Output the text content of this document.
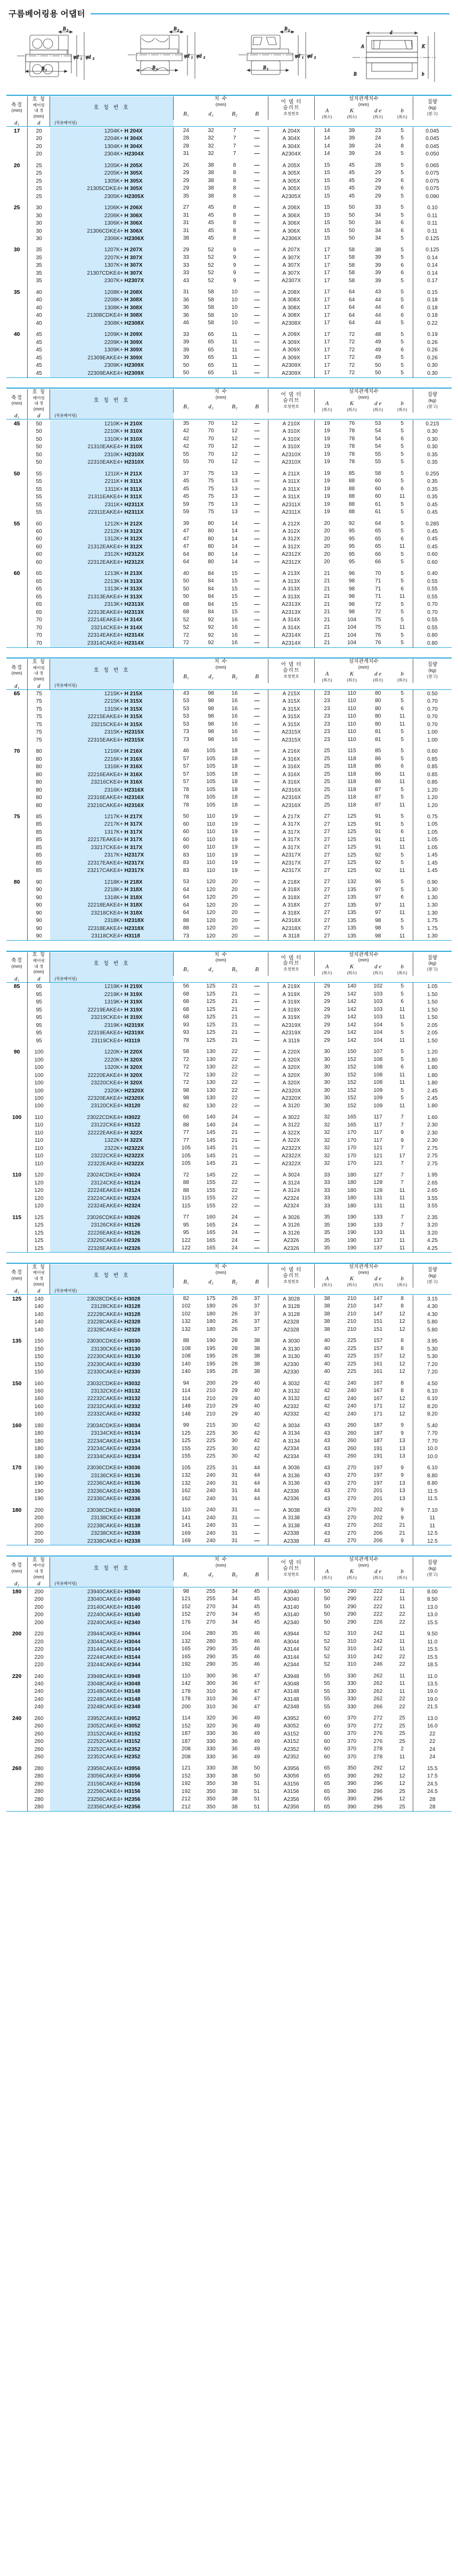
구름베어링용 어댑터
B 2
B 1
φd 1 φd 2
B 2
B 1
φd 1 φd 2
B 2
B 1
φd 1 φd 2
d
A	K
b
B

축경
(mm)	호 칭
베어링
내 경
(mm)	호 칭 번 호		치 수
(mm)				어 댑 터
슬리브
호칭번호	설치관계치수
(mm)				질량
(kg)
(참고)
				B₁	d₂	B₂	B		A
(최소)	K
(최소)	d e
(최소)	b
(최소)	

d₁	d	(적용베어링)											

17	20	1204K	+ H 204X	24	32	7	—	A 204X	14	39	23	5	0.045
	20	2204K	+ H 304X	28	32	7	—	A 304X	14	39	24	5	0.045
	20	1304K	+ H 304X	28	32	7	—	A 304X	14	39	24	8	0.045
	20	2304K	+ H2304X	31	32	7	—	A2304X	14	39	24	5	0.050

20	25	1205K	+ H 205X	26	38	8	—	A 205X	15	45	28	5	0.065
	25	2205K	+ H 305X	29	38	8	—	A 305X	15	45	29	5	0.075
	25	1305K	+ H 305X	29	38	8	—	A 305X	15	45	29	6	0.075
	25	21305CDKE4	+ H 305X	29	38	8	—	A 305X	15	45	29	6	0.075
	25	2305K	+ H2305X	35	38	8	—	A2305X	15	45	29	5	0.090

25	30	1206K	+ H 206X	27	45	8	—	A 206X	15	50	33	5	0.10
	30	2206K	+ H 306X	31	45	8	—	A 306X	15	50	34	5	0.11
	30	1306K	+ H 306X	31	45	8	—	A 306X	15	50	34	6	0.11
	30	21306CDKE4	+ H 306X	31	45	8	—	A 306X	15	50	34	6	0.11
	30	2306K	+ H2306X	38	45	8	—	A2306X	15	50	34	5	0.125

30	35	1207K	+ H 207X	29	52	9	—	A 207X	17	58	38	5	0.125
	35	2207K	+ H 307X	33	52	9	—	A 307X	17	58	39	5	0.14
	35	1307K	+ H 307X	33	52	9	—	A 307X	17	58	39	6	0.14
	35	21307CDKE4	+ H 307X	33	52	9	—	A 307X	17	58	39	6	0.14
	35	2307K	+ H2307X	43	52	9	—	A2307X	17	58	39	5	0.17

35	40	1208K	+ H 208X	31	58	10	—	A 208X	17	64	43	5	0.15
	40	2208K	+ H 308X	36	58	10	—	A 308X	17	64	44	5	0.18
	40	1308K	+ H 308X	36	58	10	—	A 308X	17	64	44	6	0.18
	40	21308CDKE4	+ H 308X	36	58	10	—	A 308X	17	64	44	6	0.18
	40	2308K	+ H2308X	46	58	10	—	A2308X	17	64	44	5	0.22

40	45	1209K	+ H 209X	33	65	11	—	A 209X	17	72	48	5	0.19
	45	2209K	+ H 309X	39	65	11	—	A 309X	17	72	49	5	0.26
	45	1309K	+ H 309X	39	65	11	—	A 309X	17	72	49	6	0.26
	45	21309EAKE4	+ H 309X	39	65	11	—	A 309X	17	72	49	5	0.26
	45	2309K	+ H2309X	50	65	11	—	A2309X	17	72	50	5	0.30
	45	22309EAKE4	+ H2309X	50	65	11	—	A2309X	17	72	50	5	0.30

축경
(mm)	호 칭
베어링
내 경
(mm)	호 칭 번 호		치 수
(mm)				어 댑 터
슬리브
호칭번호	설치관계치수
(mm)				질량
(kg)
(참고)
				B₁	d₂	B₂	B		A
(최소)	K
(최소)	d e
(최소)	b
(최소)	

d₁	d	(적용베어링)											

45	50	1210K	+ H 210X	35	70	12	—	A 210X	19	76	53	5	0.215
	50	2210K	+ H 310X	42	70	12	—	A 310X	19	78	54	5	0.30
	50	1310K	+ H 310X	42	70	12	—	A 310X	19	78	54	6	0.30
	50	21310EAKE4	+ H 310X	42	70	12	—	A 310X	19	78	54	5	0.30
	50	2310K	+ H2310X	55	70	12	—	A2310X	19	78	55	5	0.35
	50	22310EAKE4	+ H2310X	55	70	12	—	A2310X	19	78	55	5	0.35

50	55	1211K	+ H 211X	37	75	13	—	A 211X	19	85	58	5	0.255
	55	2211K	+ H 311X	45	75	13	—	A 311X	19	88	60	5	0.35
	55	1311K	+ H 311X	45	75	13	—	A 311X	19	88	60	6	0.35
	55	21311EAKE4	+ H 311X	45	75	13	—	A 311X	19	88	60	11	0.35
	55	2311K	+ H2311X	59	75	13	—	A2311X	19	88	61	5	0.45
	55	22311EAKE4	+ H2311X	59	75	13	—	A2311X	19	88	61	5	0.45

55	60	1212K	+ H 212X	39	80	14	—	A 212X	20	92	64	5	0.285
	60	2212K	+ H 312X	47	80	14	—	A 312X	20	95	65	5	0.45
	60	1312K	+ H 312X	47	80	14	—	A 312X	20	95	65	6	0.45
	60	21312EAKE4	+ H 312X	47	80	14	—	A 312X	20	95	65	11	0.45
	60	2312K	+ H2312X	64	80	14	—	A2312X	20	95	66	5	0.60
	60	22312EAKE4	+ H2312X	64	80	14	—	A2312X	20	95	66	5	0.60

60	65	1213K	+ H 213X	40	84	15	—	A 213X	21	96	70	5	0.40
	65	2213K	+ H 313X	50	84	15	—	A 313X	21	98	71	5	0.55
	65	1313K	+ H 313X	50	84	15	—	A 313X	21	98	71	6	0.55
	65	21313EAKE4	+ H 313X	50	84	15	—	A 313X	21	98	71	11	0.55
	65	2313K	+ H2313X	68	84	15	—	A2313X	21	98	72	5	0.70
	65	22313EAKE4	+ H2313X	68	84	15	—	A2313X	21	98	72	5	0.70
	70	22214EAKE4	+ H 314X	52	92	16	—	A 314X	21	104	75	5	0.55
	70	23214CKE4	+ H 314X	52	92	16	—	A 314X	21	104	75	11	0.55
	70	22314EAKE4	+ H2314X	72	92	16	—	A2314X	21	104	76	5	0.80
	70	23314CAKE4	+ H2314X	72	92	16	—	A2314X	21	104	76	5	0.80

축경
(mm)	호 칭
베어링
내 경
(mm)	호 칭 번 호		치 수
(mm)				어 댑 터
슬리브
호칭번호	설치관계치수
(mm)				질량
(kg)
(참고)
				B₁	d₂	B₂	B		A
(최소)	K
(최소)	d e
(최소)	b
(최소)	

d₁	d	(적용베어링)											

65	75	1215K	+ H 215X	43	98	16	—	A 215X	23	110	80	5	0.50
	75	2215K	+ H 315X	53	98	16	—	A 315X	23	110	80	5	0.70
	75	1315K	+ H 315X	53	98	16	—	A 315X	23	110	80	6	0.70
	75	22215EAKE4	+ H 315X	53	98	16	—	A 315X	23	110	80	11	0.70
	75	23215CKE4	+ H 315X	53	98	16	—	A 315X	23	110	80	11	0.70
	75	2315K	+ H2315X	73	98	16	—	A2315X	23	110	81	5	1.00
	75	22315EAKE4	+ H2315X	73	98	16	—	A2315X	23	110	81	5	1.00

70	80	1216K	+ H 216X	46	105	18	—	A 216X	25	115	85	5	0.60
	80	2216K	+ H 316X	57	105	18	—	A 316X	25	118	86	5	0.85
	80	1316K	+ H 316X	57	105	18	—	A 316X	25	118	86	6	0.85
	80	22216EAKE4	+ H 316X	57	105	18	—	A 316X	25	118	86	11	0.85
	80	23216CKE4	+ H 316X	57	105	18	—	A 316X	25	118	86	11	0.85
	80	2316K	+ H2316X	78	105	18	—	A2316X	25	118	87	5	1.20
	80	22316EAKE4	+ H2316X	78	105	18	—	A2316X	25	118	87	5	1.20
	80	23216CAKE4	+ H2316X	78	105	18	—	A2316X	25	118	87	11	1.20

75	85	1217K	+ H 217X	50	110	19	—	A 217X	27	125	91	5	0.75
	85	2217K	+ H 317X	60	110	19	—	A 317X	27	125	91	5	1.05
	85	1317K	+ H 317X	60	110	19	—	A 317X	27	125	91	6	1.05
	85	22217EAKE4	+ H 317X	60	110	19	—	A 317X	27	125	91	11	1.05
	85	23217CKE4	+ H 317X	60	110	19	—	A 317X	27	125	91	11	1.05
	85	2317K	+ H2317X	83	110	19	—	A2317X	27	125	92	5	1.45
	85	22317EAKE4	+ H2317X	83	110	19	—	A2317X	27	125	92	5	1.45
	85	23217CAKE4	+ H2317X	83	110	19	—	A2317X	27	125	92	11	1.45

80	90	1218K	+ H 218X	53	120	20	—	A 218X	27	132	96	5	0.90
	90	2218K	+ H 318X	64	120	20	—	A 318X	27	135	97	5	1.30
	90	1318K	+ H 318X	64	120	20	—	A 318X	27	135	97	6	1.30
	90	22218EAKE4	+ H 318X	64	120	20	—	A 318X	27	135	97	11	1.30
	90	23218CKE4	+ H 318X	64	120	20	—	A 318X	27	135	97	11	1.30
	90	2318K	+ H2318X	88	120	20	—	A2318X	27	135	98	5	1.75
	90	22318EAKE4	+ H2318X	88	120	20	—	A2318X	27	135	98	5	1.75
	90	23118CKE4	+ H3118	73	120	20	—	A 3118	27	135	98	11	1.30

축경
(mm)	호 칭
베어링
내 경
(mm)	호 칭 번 호		치 수
(mm)				어 댑 터
슬리브
호칭번호	설치관계치수
(mm)				질량
(kg)
(참고)
				B₁	d₂	B₂	B		A
(최소)	K
(최소)	d e
(최소)	b
(최소)	

d₁	d	(적용베어링)											

85	95	1219K	+ H 219X	56	125	21	—	A 219X	29	140	102	5	1.05
	95	2219K	+ H 319X	68	125	21	—	A 319X	29	142	103	5	1.50
	95	1319K	+ H 319X	68	125	21	—	A 319X	29	142	103	6	1.50
	95	22219EAKE4	+ H 319X	68	125	21	—	A 319X	29	142	103	11	1.50
	95	23219CKE4	+ H 319X	68	125	21	—	A 319X	29	142	103	11	1.50
	95	2319K	+ H2319X	93	125	21	—	A2319X	29	142	104	5	2.05
	95	22319EAKE4	+ H2319X	93	125	21	—	A2319X	29	142	104	5	2.05
	95	23119CKE4	+ H3119	78	125	21	—	A 3119	29	142	104	11	1.50

90	100	1220K	+ H 220X	58	130	22	—	A 220X	30	150	107	5	1.20
	100	2220K	+ H 320X	72	130	22	—	A 320X	30	152	108	5	1.80
	100	1320K	+ H 320X	72	130	22	—	A 320X	30	152	108	6	1.80
	100	22220EAKE4	+ H 320X	72	130	22	—	A 320X	30	152	108	11	1.80
	100	23220CKE4	+ H 320X	72	130	22	—	A 320X	30	152	108	11	1.80
	100	2320K	+ H2320X	98	130	22	—	A2320X	30	152	109	5	2.45
	100	22320EAKE4	+ H2320X	98	130	22	—	A2320X	30	152	109	5	2.45
	100	23120CKE4	+ H3120	82	130	22	—	A 3120	30	152	109	11	1.80

100	110	23022CDKE4	+ H3022	66	140	24	—	A 3022	32	165	117	7	1.60
	110	23122CKE4	+ H3122	88	140	24	—	A 3122	32	165	117	7	2.30
	110	22222EAKE4	+ H 322X	77	145	21	—	A 322X	32	170	117	9	2.30
	110	1322K	+ H 322X	77	145	21	—	A 322X	32	170	117	9	2.30
	110	2322K	+ H2322X	105	145	21	—	A2322X	32	170	121	7	2.75
	110	23222CKE4	+ H2322X	105	145	21	—	A2322X	32	170	121	17	2.75
	110	22322EAKE4	+ H2322X	105	145	21	—	A2322X	32	170	121	7	2.75

110	120	23024CDKE4	+ H3024	72	145	22	—	A 3024	33	180	127	7	1.95
	120	23124CKE4	+ H3124	88	155	22	—	A 3124	33	180	128	7	2.65
	120	22224EAKE4	+ H3124	88	155	22	—	A 3124	33	180	128	11	2.65
	120	23224CAKE4	+ H2324	115	155	22	—	A2324	33	180	131	11	3.55
	120	22324EAKE4	+ H2324	115	155	22	—	A2324	33	180	131	11	3.55

115	125	23026CDKE4	+ H3026	77	160	24	—	A 3026	35	190	133	7	2.35
	125	23126CKE4	+ H3126	95	165	24	—	A 3126	35	190	133	7	3.20
	125	22226EAKE4	+ H3126	95	165	24	—	A 3126	35	190	133	11	3.20
	125	23226CAKE4	+ H2326	122	165	24	—	A2326	35	190	137	11	4.25
	125	22326EAKE4	+ H2326	122	165	24	—	A2326	35	190	137	11	4.25

축경
(mm)	호 칭
베어링
내 경
(mm)	호 칭 번 호		치 수
(mm)				어 댑 터
슬리브
호칭번호	설치관계치수
(mm)				질량
(kg)
(참고)
				B₁	d₂	B₂	B		A
(최소)	K
(최소)	d e
(최소)	b
(최소)	

d₁	d	(적용베어링)											

125	140	23028CDKE4	+ H3028	82	175	26	37	A 3028	38	210	147	8	3.15
	140	23128CKE4	+ H3128	102	180	26	37	A 3128	38	210	147	8	4.30
	140	22228CAKE4	+ H3128	102	180	26	37	A 3128	38	210	147	12	4.30
	140	23228CAKE4	+ H2328	132	180	26	37	A2328	38	210	151	12	5.80
	140	22328CAKE4	+ H2328	132	180	26	37	A2328	38	210	151	12	5.80

135	150	23030CDKE4	+ H3030	88	190	28	38	A 3030	40	225	157	8	3.95
	150	23130CKE4	+ H3130	108	195	28	38	A 3130	40	225	157	8	5.30
	150	22230CAKE4	+ H3130	108	195	28	38	A 3130	40	225	157	12	5.30
	150	23230CAKE4	+ H2330	140	195	28	38	A2330	40	225	161	12	7.20
	150	22330CAKE4	+ H2330	140	195	28	38	A2330	40	225	161	12	7.20

150	160	23032CDKE4	+ H3032	94	200	29	40	A 3032	42	240	167	8	4.50
	160	23132CKE4	+ H3132	114	210	29	40	A 3132	42	240	167	8	6.10
	160	22232CAKE4	+ H3132	114	210	29	40	A 3132	42	240	167	12	6.10
	160	23232CAKE4	+ H2332	148	210	29	40	A2332	42	240	171	12	8.20
	160	22332CAKE4	+ H2332	148	210	29	40	A2332	42	240	171	12	8.20

160	180	23034CDKE4	+ H3034	99	215	30	42	A 3034	43	260	187	9	5.40
	180	23134CKE4	+ H3134	125	225	30	42	A 3134	43	260	187	9	7.70
	180	22234CAKE4	+ H3134	125	225	30	42	A 3134	43	260	187	13	7.70
	180	23234CAKE4	+ H2334	155	225	30	42	A2334	43	260	191	13	10.0
	180	22334CAKE4	+ H2334	155	225	30	42	A2334	43	260	191	13	10.0

170	190	23036CDKE4	+ H3036	105	225	31	44	A 3036	43	270	197	9	6.10
	190	23136CKE4	+ H3136	132	240	31	44	A 3136	43	270	197	9	8.80
	190	22236CAKE4	+ H3136	132	240	31	44	A 3136	43	270	197	13	8.80
	190	23236CAKE4	+ H2336	162	240	31	44	A2336	43	270	201	13	11.5
	190	22336CAKE4	+ H2336	162	240	31	44	A2336	43	270	201	13	11.5

180	200	23038CDKE4	+ H3038	110	240	31	—	A 3038	43	270	202	9	7.10
	200	23138CKE4	+ H3138	141	240	31	—	A 3138	43	270	202	9	11
	200	22238CAKE4	+ H3138	141	240	31	—	A 3138	43	270	202	21	11
	200	23238CKE4	+ H2338	169	240	31	—	A2338	43	270	206	21	12.5
	200	22338CAKE4	+ H2338	169	240	31	—	A2338	43	270	206	9	12.5

축경
(mm)	호 칭
베어링
내 경
(mm)	호 칭 번 호		치 수
(mm)				어 댑 터
슬리브
호칭번호	설치관계치수
(mm)				질량
(kg)
(참고)
				B₁	d₂	B₂	B		A
(최소)	K
(최소)	d e
(최소)	b
(최소)	

d₁	d	(적용베어링)											

180	200	23940CAKE4	+ H3940	98	255	34	45	A3940	50	290	222	11	8.00
	200	23040CAKE4	+ H3040	121	255	34	45	A3040	50	290	222	11	8.50
	200	23140CAKE4	+ H3140	152	270	34	45	A3140	50	290	222	11	13.0
	200	22240CAKE4	+ H3140	152	270	34	45	A3140	50	290	222	22	13.0
	200	23240CAKE4	+ H2340	176	270	34	45	A2340	50	290	226	22	15.5

200	220	23944CAKE4	+ H3944	104	280	35	46	A3944	52	310	242	11	9.50
	220	23044CAKE4	+ H3044	132	280	35	46	A3044	52	310	242	11	11.0
	220	23144CAKE4	+ H3144	165	290	35	46	A3144	52	310	242	11	15.5
	220	22244CAKE4	+ H3144	165	290	35	46	A3144	52	310	242	22	15.5
	220	23244CAKE4	+ H2344	192	290	35	46	A2344	52	310	246	22	18.5

220	240	23948CAKE4	+ H3948	110	300	36	47	A3948	55	330	262	11	11.0
	240	23048CAKE4	+ H3048	142	300	36	47	A3048	55	330	262	11	13.5
	240	23148CAKE4	+ H3148	178	310	36	47	A3148	55	330	262	11	19.0
	240	22248CAKE4	+ H3148	178	310	36	47	A3148	55	330	262	22	19.0
	240	23248CAKE4	+ H2348	200	310	36	47	A2348	55	330	266	22	21.5

240	260	23952CAKE4	+ H3952	114	320	36	49	A3952	60	370	272	25	13.0
	260	23052CAKE4	+ H3052	152	320	36	49	A3052	60	370	272	25	16.0
	260	23152CAKE4	+ H3152	187	330	36	49	A3152	60	370	276	25	22
	260	22252CAKE4	+ H3152	187	330	36	49	A3152	60	370	276	25	22
	260	23252CAKE4	+ H2352	208	330	36	49	A2352	60	370	278	2	24
	260	22352CAKE4	+ H2352	208	330	36	49	A2352	60	370	278	11	24

260	280	23956CAKE4	+ H3956	121	330	38	50	A3956	65	350	292	12	15.5
	280	23056CAKE4	+ H3056	152	330	38	50	A3056	65	390	292	12	17.5
	280	23156CAKE4	+ H3156	192	350	38	51	A3156	65	390	296	12	24.5
	280	22256CAKE4	+ H3156	192	350	38	51	A3156	65	390	296	25	24.5
	280	23256CAKE4	+ H2356	212	350	38	51	A2356	65	390	296	12	28
	280	22356CAKE4	+ H2356	212	350	38	51	A2356	65	390	296	25	28
